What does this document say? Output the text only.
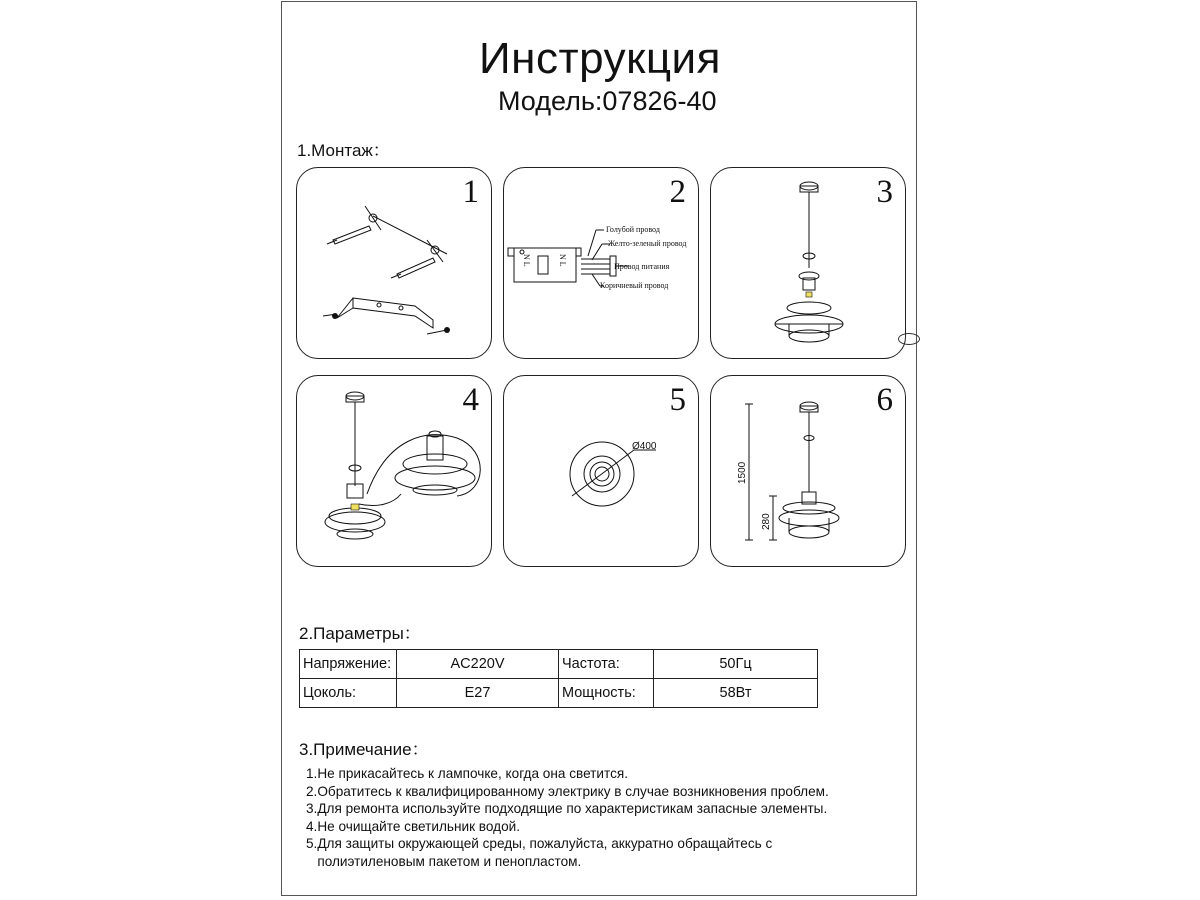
Инструкция
Модель:07826-40
1.Монтаж：
1	2
Голубой провод
Желто-зеленый провод
Провод питания
Коричневый провод
N L	N L
3
4	5
Ø400
6
1500
280
2.Параметры：
Напряжение:	AC220V	Частота:	50Гц
Цоколь:	E27	Мощность:	58Вт
3.Примечание：
1.Не прикасайтесь к лампочке, когда она светится.
2.Обратитесь к квалифицированному электрику в случае возникновения проблем.
3.Для ремонта используйте подходящие по характеристикам запасные элементы.
4.Не очищайте светильник водой.
5.Для защиты окружающей среды, пожалуйста, аккуратно обращайтесь с
полиэтиленовым пакетом и пенопластом.
